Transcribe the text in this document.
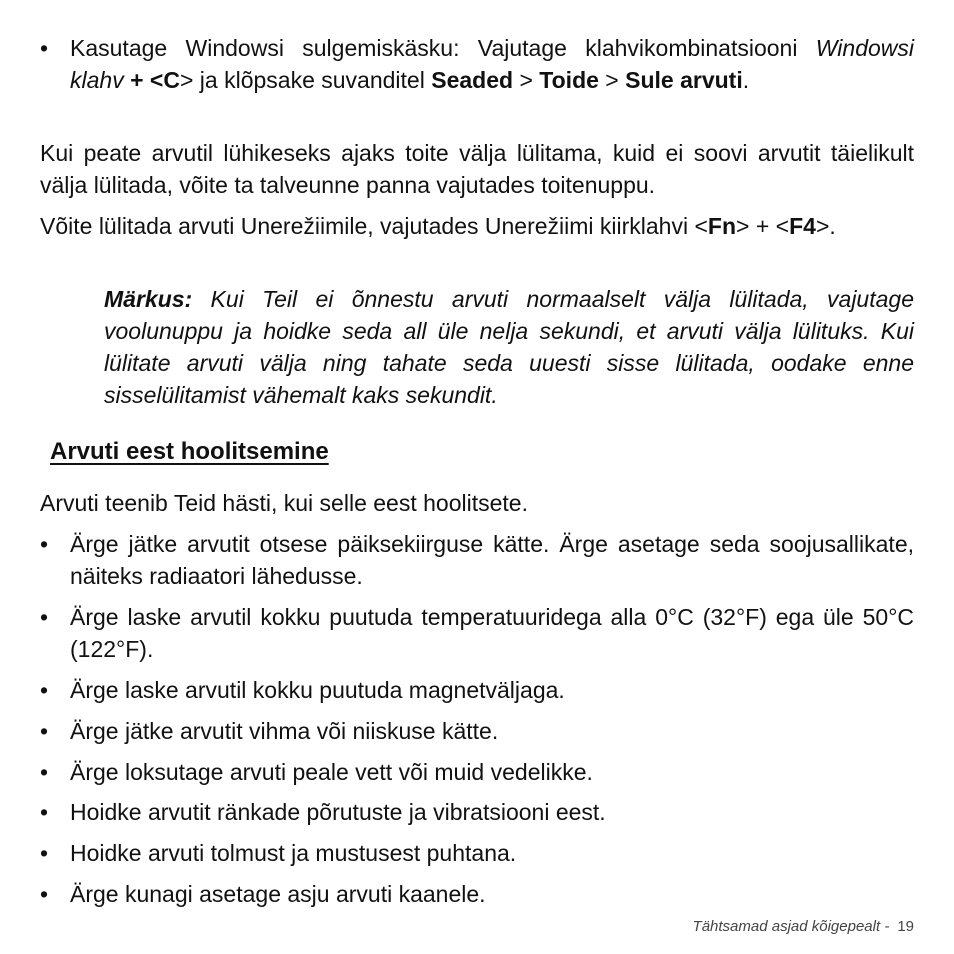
• Kasutage Windowsi sulgemiskäsku: Vajutage klahvikombinatsiooni Windowsi klahv + <C> ja klõpsake suvanditel Seaded > Toide > Sule arvuti.

Kui peate arvutil lühikeseks ajaks toite välja lülitama, kuid ei soovi arvutit täielikult välja lülitada, võite ta talveunne panna vajutades toitenuppu.

Võite lülitada arvuti Unerežiimile, vajutades Unerežiimi kiirklahvi <Fn> + <F4>.

Märkus: Kui Teil ei õnnestu arvuti normaalselt välja lülitada, vajutage voolunuppu ja hoidke seda all üle nelja sekundi, et arvuti välja lülituks. Kui lülitate arvuti välja ning tahate seda uuesti sisse lülitada, oodake enne sisselülitamist vähemalt kaks sekundit.

Arvuti eest hoolitsemine

Arvuti teenib Teid hästi, kui selle eest hoolitsete.

• Ärge jätke arvutit otsese päiksekiirguse kätte. Ärge asetage seda soojusallikate, näiteks radiaatori lähedusse.
• Ärge laske arvutil kokku puutuda temperatuuridega alla 0°C (32°F) ega üle 50°C (122°F).
• Ärge laske arvutil kokku puutuda magnetväljaga.
• Ärge jätke arvutit vihma või niiskuse kätte.
• Ärge loksutage arvuti peale vett või muid vedelikke.
• Hoidke arvutit ränkade põrutuste ja vibratsiooni eest.
• Hoidke arvuti tolmust ja mustusest puhtana.
• Ärge kunagi asetage asju arvuti kaanele.
Tähtsamad asjad kõigepealt - 19
